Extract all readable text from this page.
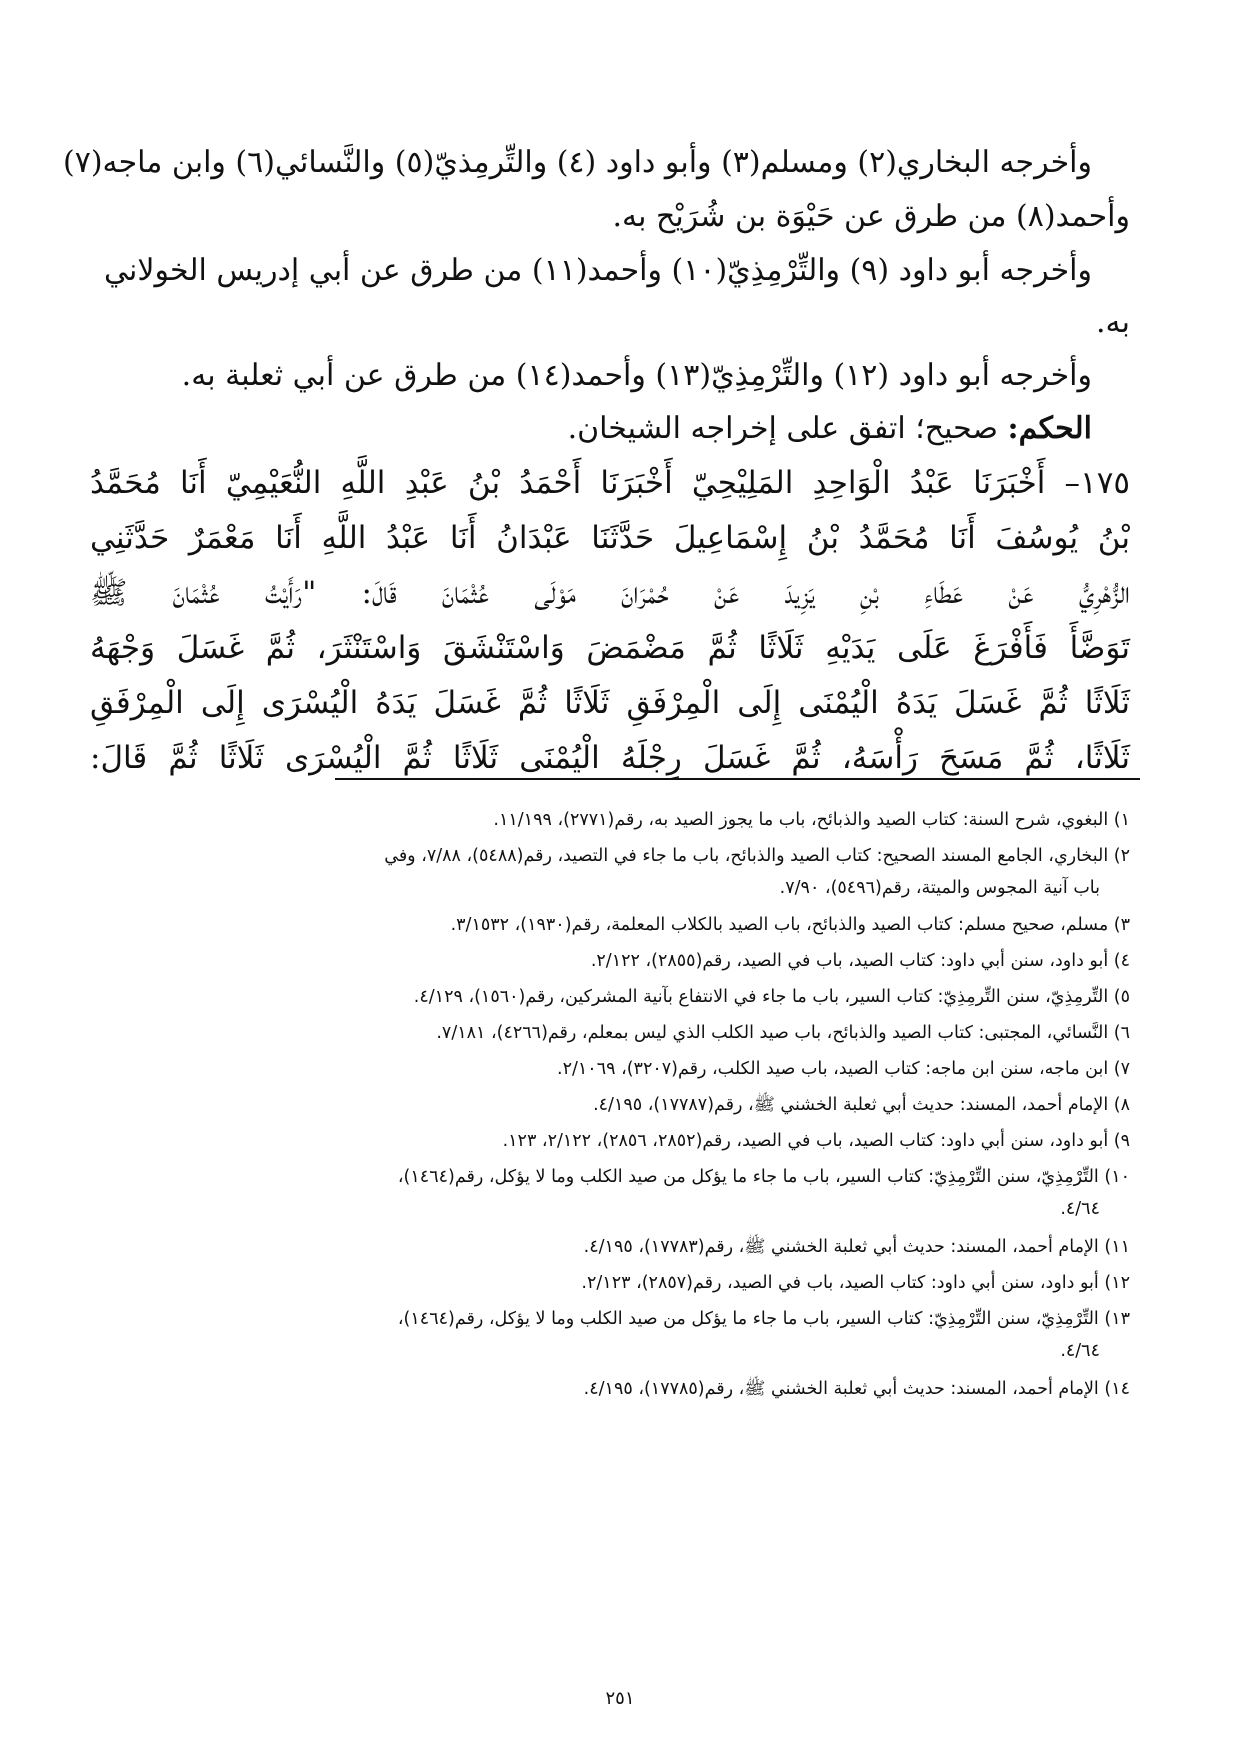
وأخرجه البخاري(٢) ومسلم(٣) وأبو داود (٤) والتِّرمِذيّ(٥) والنَّسائي(٦) وابن ماجه(٧)
وأحمد(٨) من طرق عن حَيْوَة بن شُرَيْح به.
وأخرجه أبو داود (٩) والتِّرْمِذِيّ(١٠) وأحمد(١١) من طرق عن أبي إدريس الخولاني
به.
وأخرجه أبو داود (١٢) والتِّرْمِذِيّ(١٣) وأحمد(١٤) من طرق عن أبي ثعلبة به.
الحكم: صحيح؛ اتفق على إخراجه الشيخان.
١٧٥– أَخْبَرَنَا عَبْدُ الْوَاحِدِ المَلِيْحِيّ أَخْبَرَنَا أَحْمَدُ بْنُ عَبْدِ اللَّهِ النُّعَيْمِيّ أَنَا مُحَمَّدُ
بْنُ يُوسُفَ أَنَا مُحَمَّدُ بْنُ إِسْمَاعِيلَ حَدَّثَنَا عَبْدَانُ أَنَا عَبْدُ اللَّهِ أَنَا مَعْمَرٌ حَدَّثَنِي
الزُّهْرِيُّ عَنْ عَطَاءِ بْنِ يَزِيدَ عَنْ حُمْرَانَ مَوْلَى عُثْمَانَ قَالَ: "رَأَيْتُ عُثْمَانَ ﷺ
تَوَضَّأَ فَأَفْرَغَ عَلَى يَدَيْهِ ثَلَاثًا ثُمَّ مَضْمَضَ وَاسْتَنْشَقَ وَاسْتَنْثَرَ، ثُمَّ غَسَلَ وَجْهَهُ
ثَلَاثًا ثُمَّ غَسَلَ يَدَهُ الْيُمْنَى إِلَى الْمِرْفَقِ ثَلَاثًا ثُمَّ غَسَلَ يَدَهُ الْيُسْرَى إِلَى الْمِرْفَقِ
ثَلَاثًا، ثُمَّ مَسَحَ رَأْسَهُ، ثُمَّ غَسَلَ رِجْلَهُ الْيُمْنَى ثَلَاثًا ثُمَّ الْيُسْرَى ثَلَاثًا ثُمَّ قَالَ:
١) البغوي، شرح السنة: كتاب الصيد والذبائح، باب ما يجوز الصيد به، رقم(٢٧٧١)، ١١/١٩٩.
٢) البخاري، الجامع المسند الصحيح: كتاب الصيد والذبائح، باب ما جاء في التصيد، رقم(٥٤٨٨)، ٧/٨٨، وفي
باب آنية المجوس والميتة، رقم(٥٤٩٦)، ٧/٩٠.
٣) مسلم، صحيح مسلم: كتاب الصيد والذبائح، باب الصيد بالكلاب المعلمة، رقم(١٩٣٠)، ٣/١٥٣٢.
٤) أبو داود، سنن أبي داود: كتاب الصيد، باب في الصيد، رقم(٢٨٥٥)، ٢/١٢٢.
٥) التِّرمِذِيّ، سنن التِّرمِذِيّ: كتاب السير، باب ما جاء في الانتفاع بآنية المشركين، رقم(١٥٦٠)، ٤/١٢٩.
٦) النَّسائي، المجتبى: كتاب الصيد والذبائح، باب صيد الكلب الذي ليس بمعلم، رقم(٤٢٦٦)، ٧/١٨١.
٧) ابن ماجه، سنن ابن ماجه: كتاب الصيد، باب صيد الكلب، رقم(٣٢٠٧)، ٢/١٠٦٩.
٨) الإمام أحمد، المسند: حديث أبي ثعلبة الخشني ﷺ، رقم(١٧٧٨٧)، ٤/١٩٥.
٩) أبو داود، سنن أبي داود: كتاب الصيد، باب في الصيد، رقم(٢٨٥٢، ٢٨٥٦)، ٢/١٢٢، ١٢٣.
١٠) التِّرْمِذِيّ، سنن التِّرْمِذِيّ: كتاب السير، باب ما جاء ما يؤكل من صيد الكلب وما لا يؤكل، رقم(١٤٦٤)،
٤/٦٤.
١١) الإمام أحمد، المسند: حديث أبي ثعلبة الخشني ﷺ، رقم(١٧٧٨٣)، ٤/١٩٥.
١٢) أبو داود، سنن أبي داود: كتاب الصيد، باب في الصيد، رقم(٢٨٥٧)، ٢/١٢٣.
١٣) التِّرْمِذِيّ، سنن التِّرْمِذِيّ: كتاب السير، باب ما جاء ما يؤكل من صيد الكلب وما لا يؤكل، رقم(١٤٦٤)،
٤/٦٤.
١٤) الإمام أحمد، المسند: حديث أبي ثعلبة الخشني ﷺ، رقم(١٧٧٨٥)، ٤/١٩٥.
٢٥١
